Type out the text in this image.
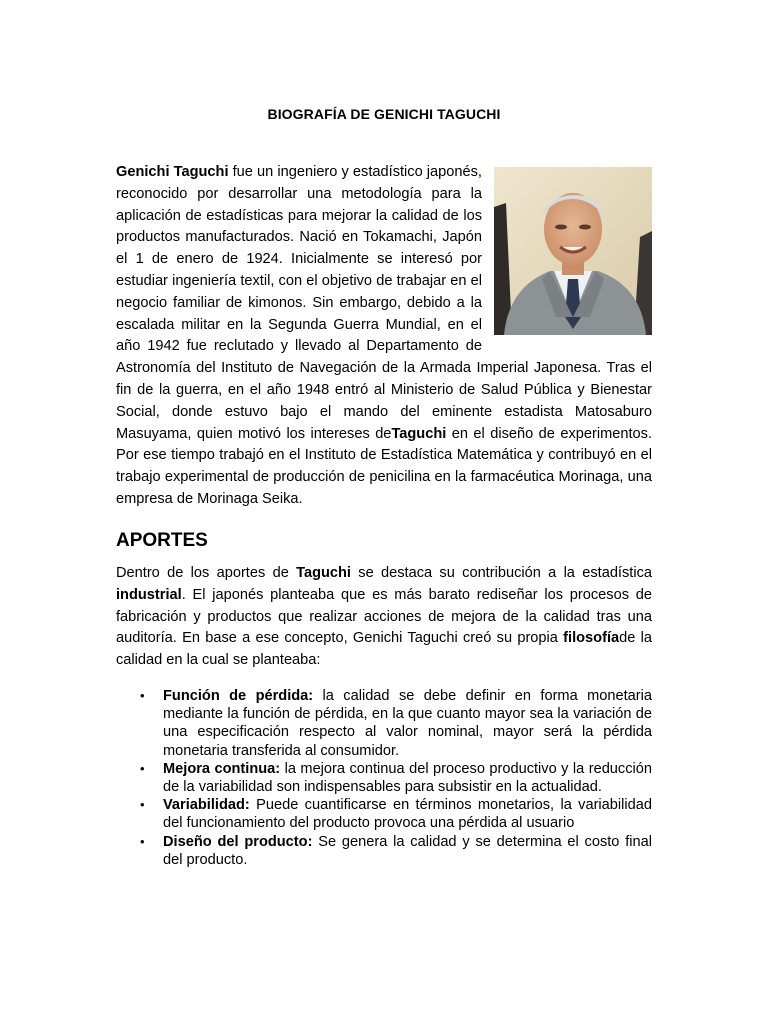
BIOGRAFÍA DE GENICHI TAGUCHI
Genichi Taguchi fue un ingeniero y estadístico japonés, reconocido por desarrollar una metodología para la aplicación de estadísticas para mejorar la calidad de los productos manufacturados. Nació en Tokamachi, Japón el 1 de enero de 1924. Inicialmente se interesó por estudiar ingeniería textil, con el objetivo de trabajar en el negocio familiar de kimonos. Sin embargo, debido a la escalada militar en la Segunda Guerra Mundial, en el año 1942 fue reclutado y llevado al Departamento de Astronomía del Instituto de Navegación de la Armada Imperial Japonesa. Tras el fin de la guerra, en el año 1948 entró al Ministerio de Salud Pública y Bienestar Social, donde estuvo bajo el mando del eminente estadista Matosaburo Masuyama, quien motivó los intereses deTaguchi en el diseño de experimentos. Por ese tiempo trabajó en el Instituto de Estadística Matemática y contribuyó en el trabajo experimental de producción de penicilina en la farmacéutica Morinaga, una empresa de Morinaga Seika.
APORTES
Dentro de los aportes de Taguchi se destaca su contribución a la estadística industrial. El japonés planteaba que es más barato rediseñar los procesos de fabricación y productos que realizar acciones de mejora de la calidad tras una auditoría. En base a ese concepto, Genichi Taguchi creó su propia filosofíade la calidad en la cual se planteaba:
• Función de pérdida: la calidad se debe definir en forma monetaria mediante la función de pérdida, en la que cuanto mayor sea la variación de una especificación respecto al valor nominal, mayor será la pérdida monetaria transferida al consumidor.
• Mejora continua: la mejora continua del proceso productivo y la reducción de la variabilidad son indispensables para subsistir en la actualidad.
• Variabilidad: Puede cuantificarse en términos monetarios, la variabilidad del funcionamiento del producto provoca una pérdida al usuario
• Diseño del producto: Se genera la calidad y se determina el costo final del producto.
